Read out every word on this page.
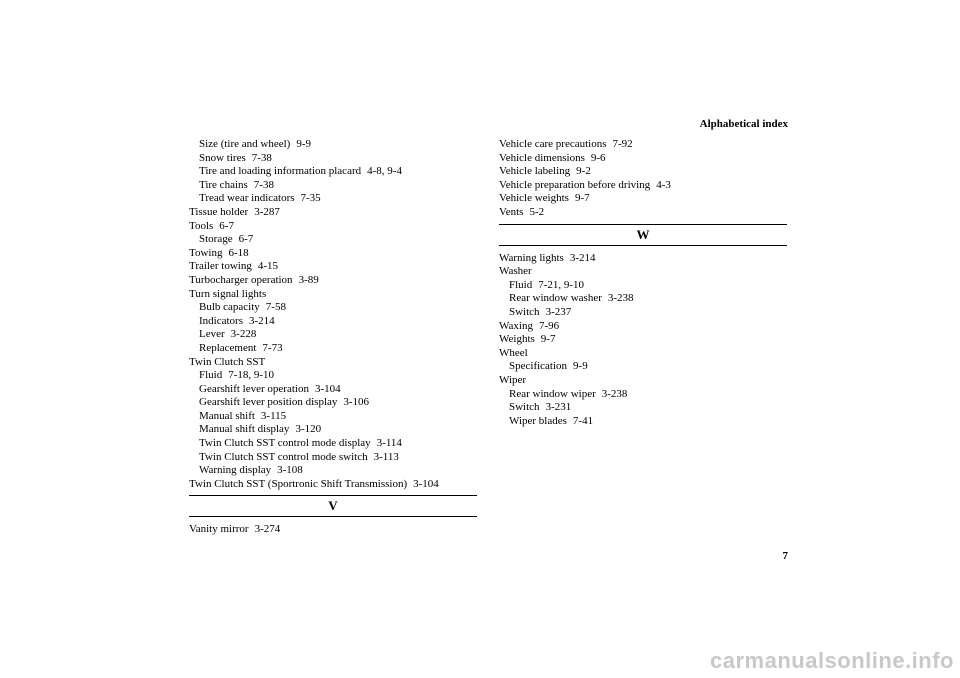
Alphabetical index
Size (tire and wheel) 9-9
Snow tires 7-38
Tire and loading information placard 4-8, 9-4
Tire chains 7-38
Tread wear indicators 7-35
Tissue holder 3-287
Tools 6-7
Storage 6-7
Towing 6-18
Trailer towing 4-15
Turbocharger operation 3-89
Turn signal lights
Bulb capacity 7-58
Indicators 3-214
Lever 3-228
Replacement 7-73
Twin Clutch SST
Fluid 7-18, 9-10
Gearshift lever operation 3-104
Gearshift lever position display 3-106
Manual shift 3-115
Manual shift display 3-120
Twin Clutch SST control mode display 3-114
Twin Clutch SST control mode switch 3-113
Warning display 3-108
Twin Clutch SST (Sportronic Shift Transmission) 3-104
V
Vanity mirror 3-274
Vehicle care precautions 7-92
Vehicle dimensions 9-6
Vehicle labeling 9-2
Vehicle preparation before driving 4-3
Vehicle weights 9-7
Vents 5-2
W
Warning lights 3-214
Washer
Fluid 7-21, 9-10
Rear window washer 3-238
Switch 3-237
Waxing 7-96
Weights 9-7
Wheel
Specification 9-9
Wiper
Rear window wiper 3-238
Switch 3-231
Wiper blades 7-41
7
carmanualsonline.info
